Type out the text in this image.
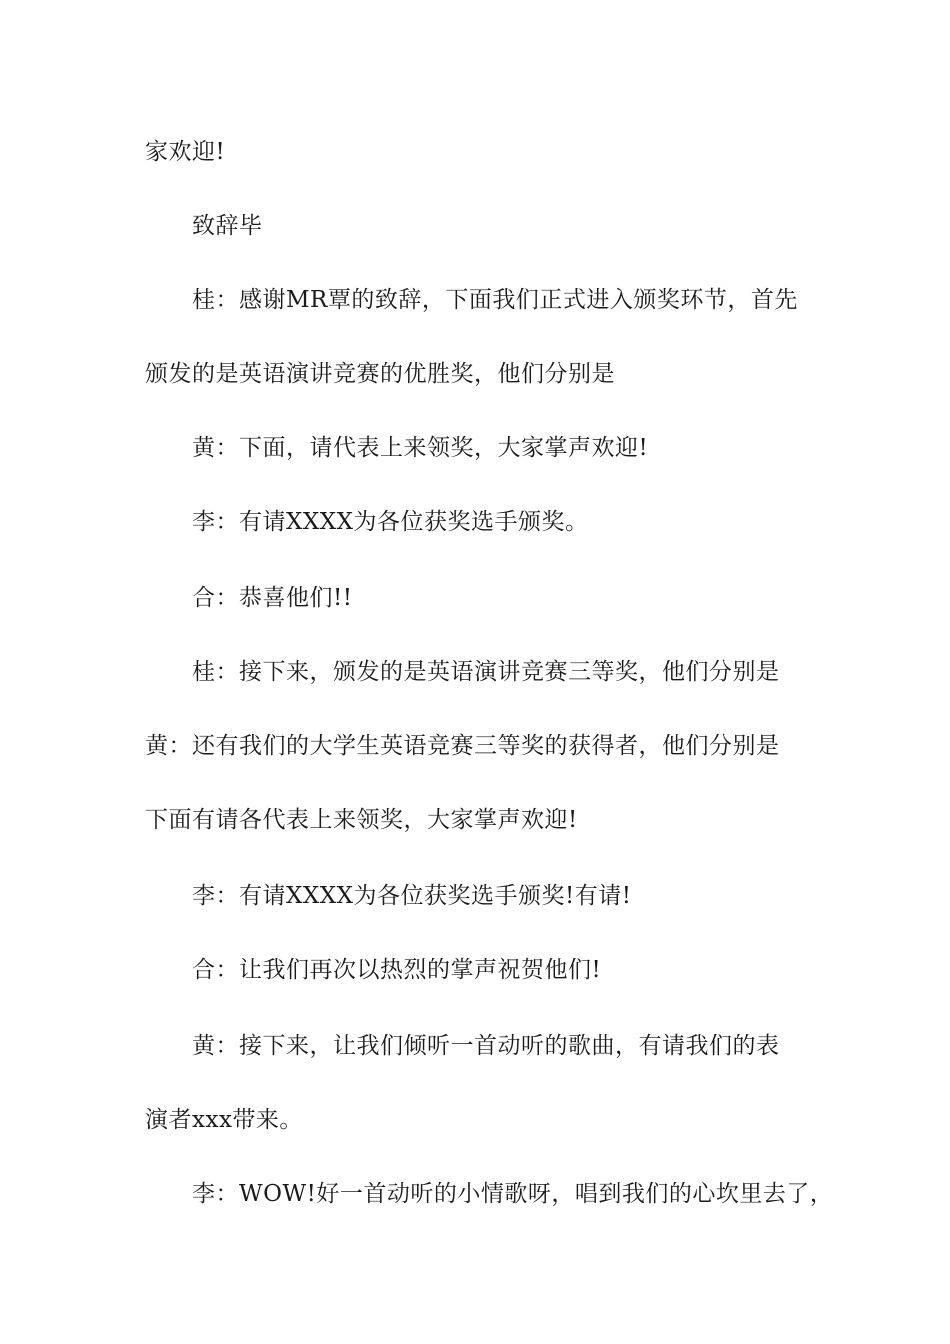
家欢迎!
致辞毕
桂：感谢MR覃的致辞，下面我们正式进入颁奖环节，首先
颁发的是英语演讲竞赛的优胜奖，他们分别是
黄：下面，请代表上来领奖，大家掌声欢迎!
李：有请XXXX为各位获奖选手颁奖。
合：恭喜他们!!
桂：接下来，颁发的是英语演讲竞赛三等奖，他们分别是
黄：还有我们的大学生英语竞赛三等奖的获得者，他们分别是
下面有请各代表上来领奖，大家掌声欢迎!
李：有请XXXX为各位获奖选手颁奖!有请!
合：让我们再次以热烈的掌声祝贺他们!
黄：接下来，让我们倾听一首动听的歌曲，有请我们的表
演者xxx带来。
李：WOW!好一首动听的小情歌呀，唱到我们的心坎里去了，
